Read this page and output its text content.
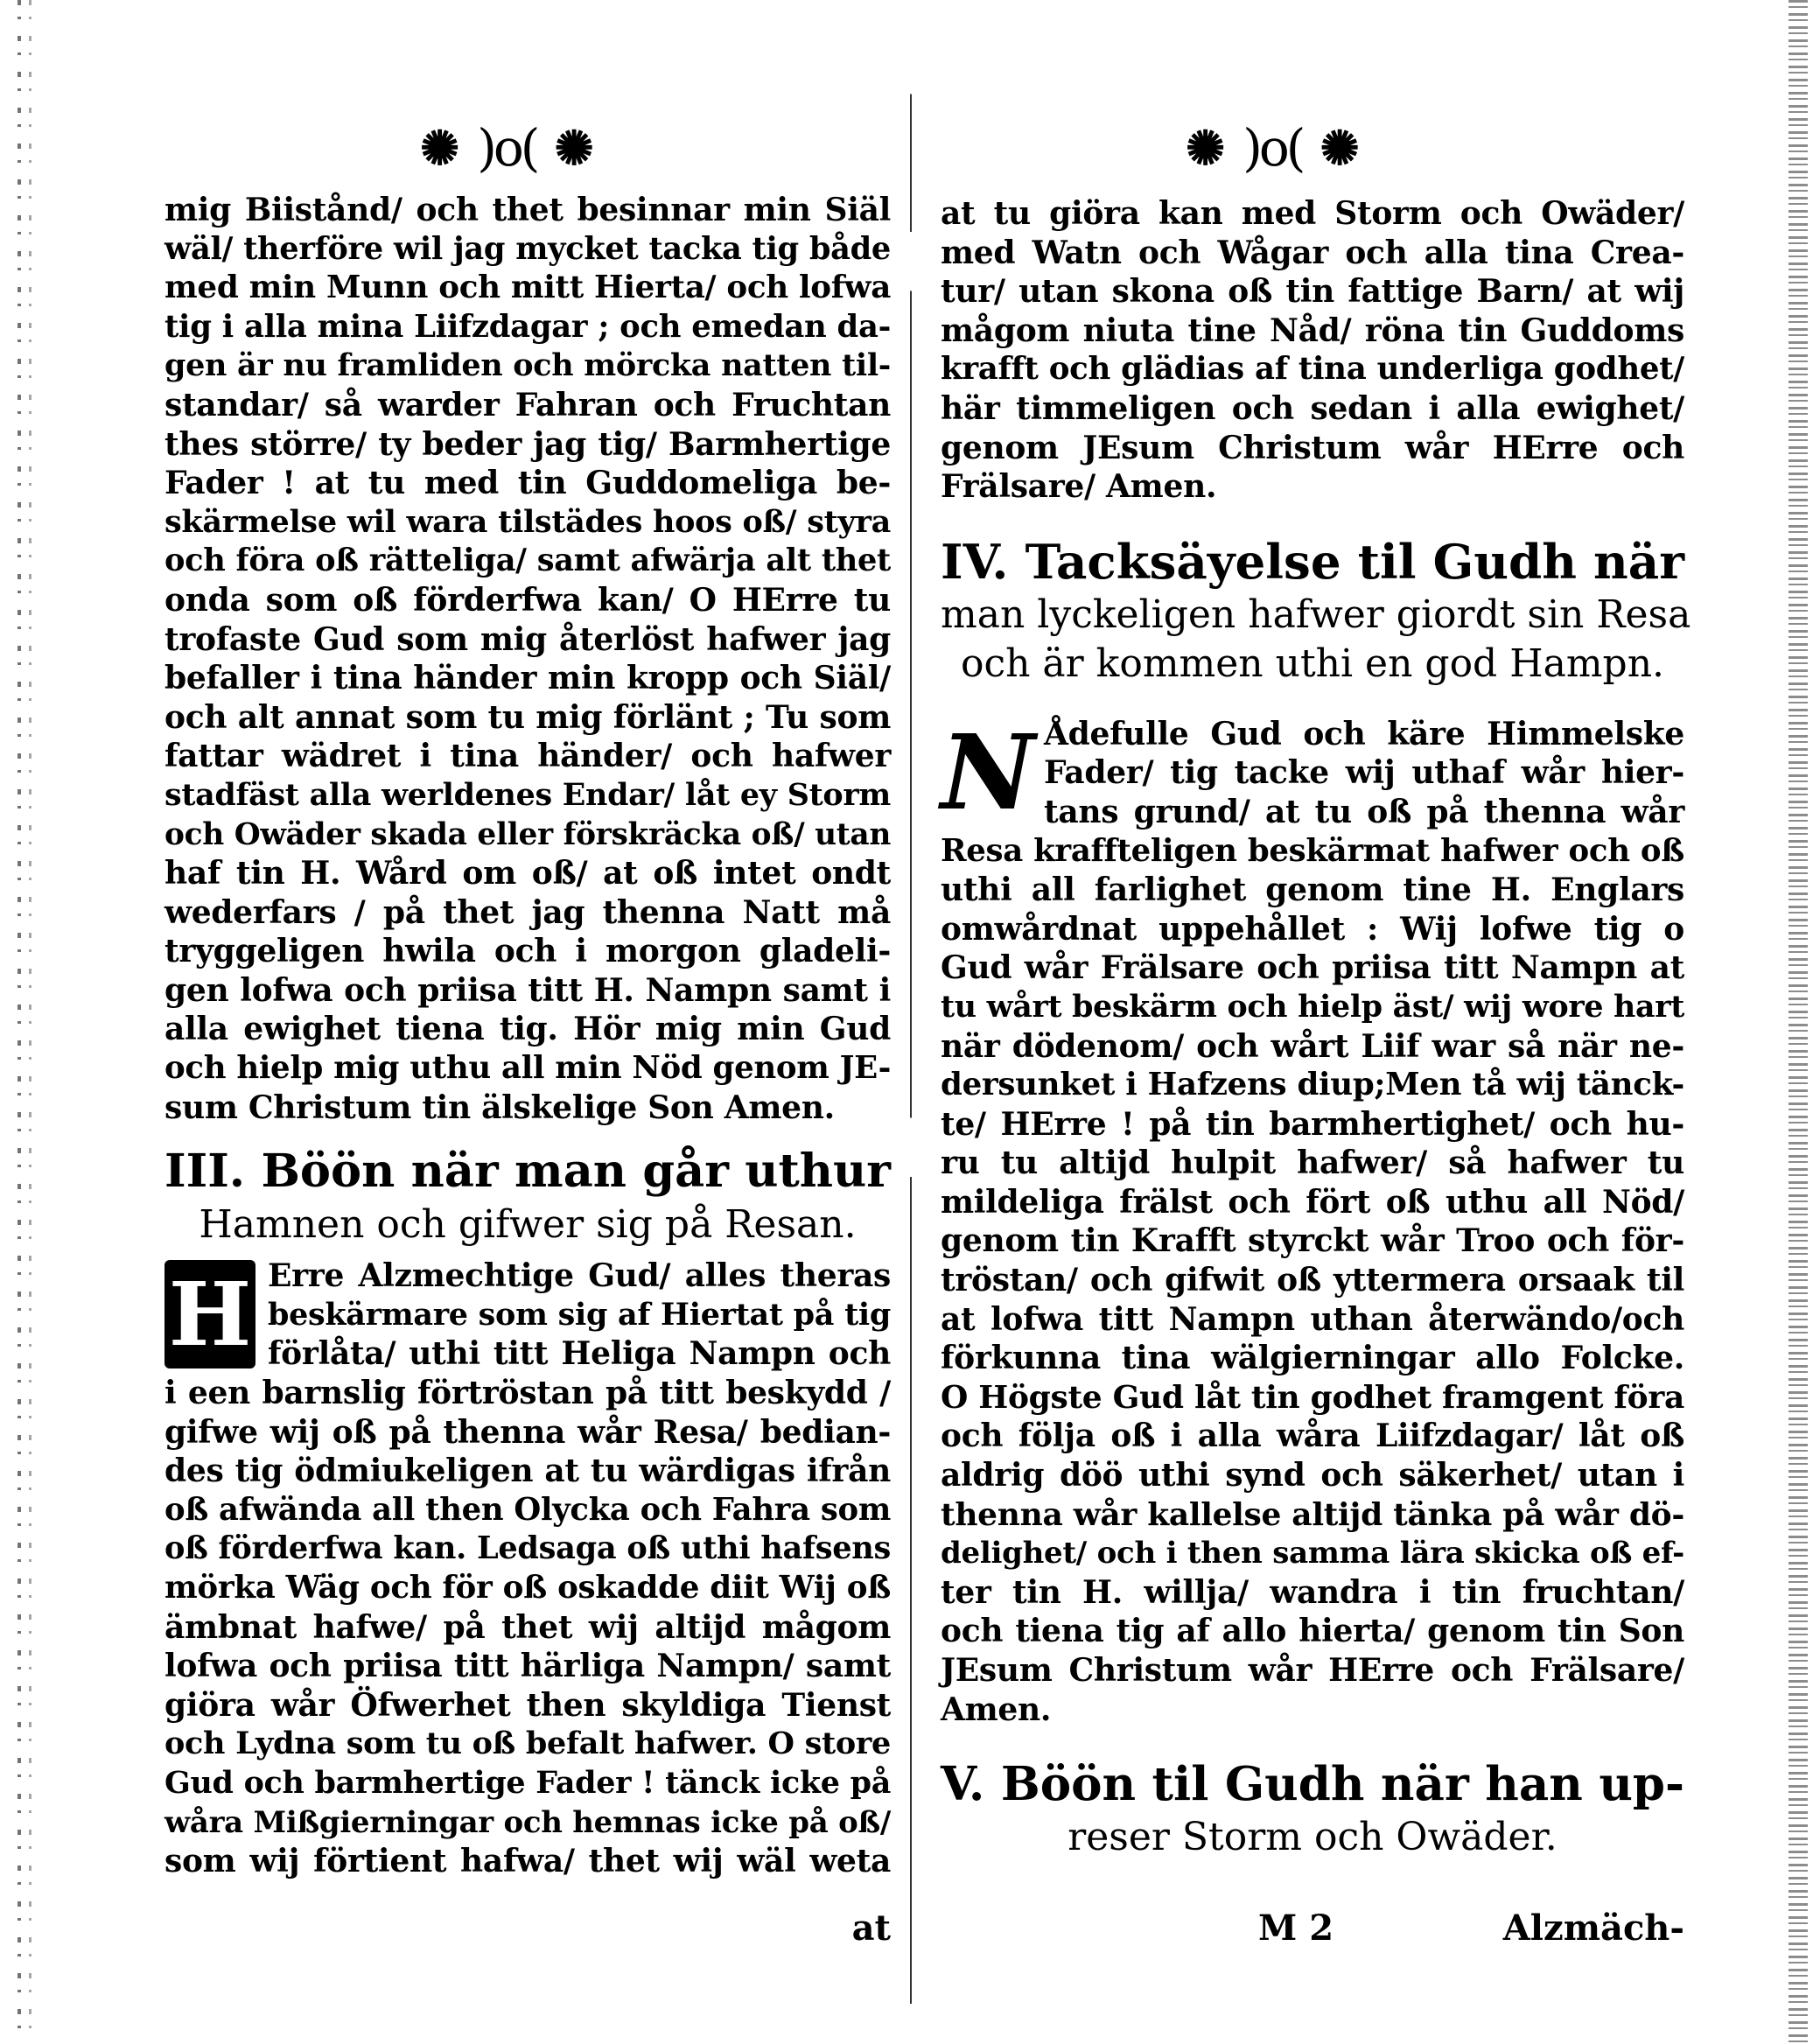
✺ )o( ✺
mig Biistånd/ och thet besinnar min Siäl
wäl/ therföre wil jag mycket tacka tig både
med min Munn och mitt Hierta/ och lofwa
tig i alla mina Liifzdagar ; och emedan da-
gen är nu framliden och mörcka natten til-
standar/ så warder Fahran och Fruchtan
thes större/ ty beder jag tig/ Barmhertige
Fader ! at tu med tin Guddomeliga be-
skärmelse wil wara tilstädes hoos oß/ styra
och föra oß rätteliga/ samt afwärja alt thet
onda som oß förderfwa kan/ O HErre tu
trofaste Gud som mig återlöst hafwer jag
befaller i tina händer min kropp och Siäl/
och alt annat som tu mig förlänt ; Tu som
fattar wädret i tina händer/ och hafwer
stadfäst alla werldenes Endar/ låt ey Storm
och Owäder skada eller förskräcka oß/ utan
haf tin H. Wård om oß/ at oß intet ondt
wederfars / på thet jag thenna Natt må
tryggeligen hwila och i morgon gladeli-
gen lofwa och priisa titt H. Nampn samt i
alla ewighet tiena tig. Hör mig min Gud
och hielp mig uthu all min Nöd genom JE-
sum Christum tin älskelige Son Amen.
III. Böön när man går uthur
Hamnen och gifwer sig på Resan.
H Erre Alzmechtige Gud/ alles theras
beskärmare som sig af Hiertat på tig
förlåta/ uthi titt Heliga Nampn och
i een barnslig förtröstan på titt beskydd /
gifwe wij oß på thenna wår Resa/ bedian-
des tig ödmiukeligen at tu wärdigas ifrån
oß afwända all then Olycka och Fahra som
oß förderfwa kan. Ledsaga oß uthi hafsens
mörka Wäg och för oß oskadde diit Wij oß
ämbnat hafwe/ på thet wij altijd mågom
lofwa och priisa titt härliga Nampn/ samt
giöra wår Öfwerhet then skyldiga Tienst
och Lydna som tu oß befalt hafwer. O store
Gud och barmhertige Fader ! tänck icke på
wåra Mißgierningar och hemnas icke på oß/
som wij förtient hafwa/ thet wij wäl weta
at
✺ )o( ✺
at tu giöra kan med Storm och Owäder/
med Watn och Wågar och alla tina Crea-
tur/ utan skona oß tin fattige Barn/ at wij
mågom niuta tine Nåd/ röna tin Guddoms
krafft och glädias af tina underliga godhet/
här timmeligen och sedan i alla ewighet/
genom JEsum Christum wår HErre och
Frälsare/ Amen.
IV. Tacksäyelse til Gudh när
man lyckeligen hafwer giordt sin Resa
och är kommen uthi en god Hampn.
N Ådefulle Gud och käre Himmelske
Fader/ tig tacke wij uthaf wår hier-
tans grund/ at tu oß på thenna wår
Resa kraffteligen beskärmat hafwer och oß
uthi all farlighet genom tine H. Englars
omwårdnat uppehållet : Wij lofwe tig o
Gud wår Frälsare och priisa titt Nampn at
tu wårt beskärm och hielp äst/ wij wore hart
när dödenom/ och wårt Liif war så när ne-
dersunket i Hafzens diup;Men tå wij tänck-
te/ HErre ! på tin barmhertighet/ och hu-
ru tu altijd hulpit hafwer/ så hafwer tu
mildeliga frälst och fört oß uthu all Nöd/
genom tin Krafft styrckt wår Troo och för-
tröstan/ och gifwit oß yttermera orsaak til
at lofwa titt Nampn uthan återwändo/och
förkunna tina wälgierningar allo Folcke.
O Högste Gud låt tin godhet framgent föra
och följa oß i alla wåra Liifzdagar/ låt oß
aldrig döö uthi synd och säkerhet/ utan i
thenna wår kallelse altijd tänka på wår dö-
delighet/ och i then samma lära skicka oß ef-
ter tin H. willja/ wandra i tin fruchtan/
och tiena tig af allo hierta/ genom tin Son
JEsum Christum wår HErre och Frälsare/
Amen.
V. Böön til Gudh när han up-
reser Storm och Owäder.
M 2	Alzmäch-
